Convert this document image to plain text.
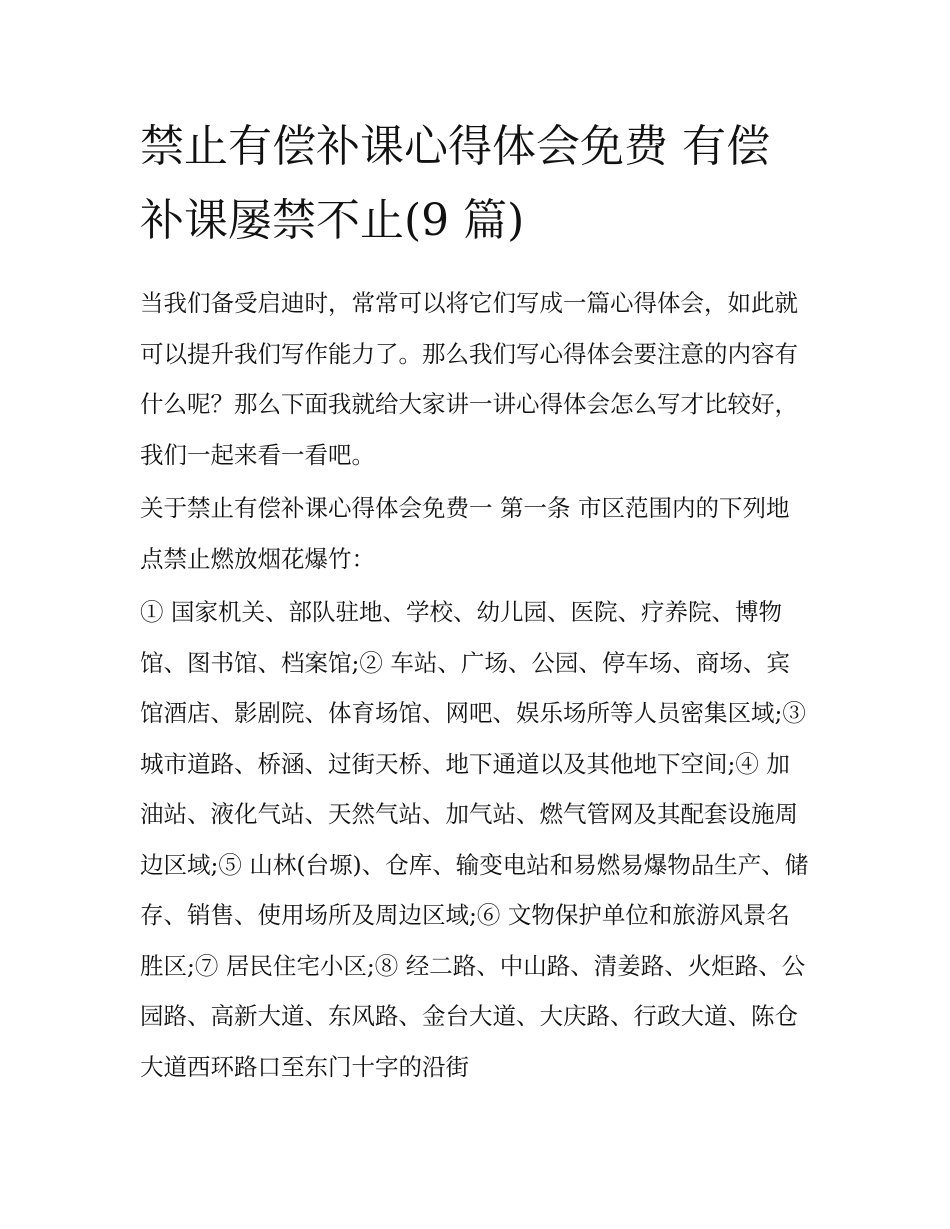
禁止有偿补课心得体会免费 有偿补课屡禁不止(9 篇)

当我们备受启迪时，常常可以将它们写成一篇心得体会，如此就可以提升我们写作能力了。那么我们写心得体会要注意的内容有什么呢？那么下面我就给大家讲一讲心得体会怎么写才比较好，我们一起来看一看吧。

关于禁止有偿补课心得体会免费一 第一条 市区范围内的下列地点禁止燃放烟花爆竹：

① 国家机关、部队驻地、学校、幼儿园、医院、疗养院、博物馆、图书馆、档案馆;② 车站、广场、公园、停车场、商场、宾馆酒店、影剧院、体育场馆、网吧、娱乐场所等人员密集区域;③ 城市道路、桥涵、过街天桥、地下通道以及其他地下空间;④ 加油站、液化气站、天然气站、加气站、燃气管网及其配套设施周边区域;⑤ 山林(台塬)、仓库、输变电站和易燃易爆物品生产、储存、销售、使用场所及周边区域;⑥ 文物保护单位和旅游风景名胜区;⑦ 居民住宅小区;⑧ 经二路、中山路、清姜路、火炬路、公园路、高新大道、东风路、金台大道、大庆路、行政大道、陈仓大道西环路口至东门十字的沿街
